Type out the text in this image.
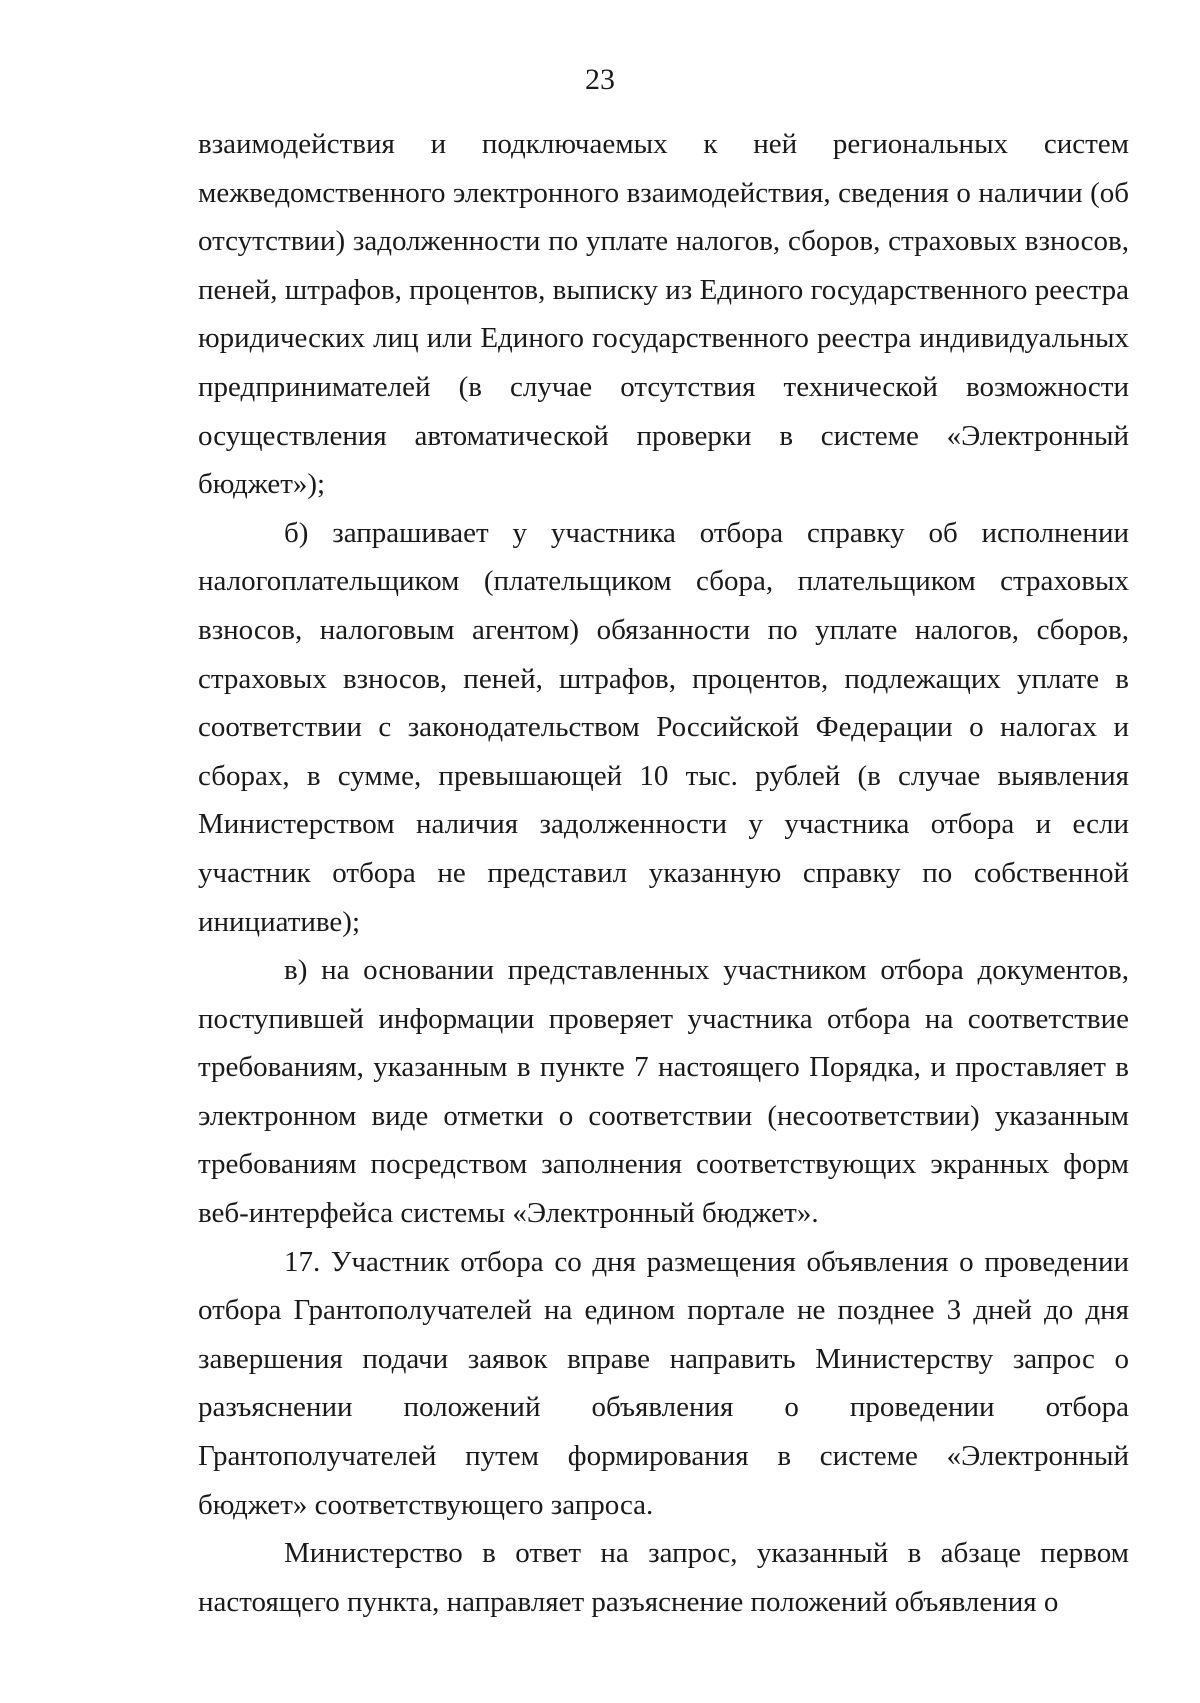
23

взаимодействия и подключаемых к ней региональных систем межведомственного электронного взаимодействия, сведения о наличии (об отсутствии) задолженности по уплате налогов, сборов, страховых взносов, пеней, штрафов, процентов, выписку из Единого государственного реестра юридических лиц или Единого государственного реестра индивидуальных предпринимателей (в случае отсутствия технической возможности осуществления автоматической проверки в системе «Электронный бюджет»);

б) запрашивает у участника отбора справку об исполнении налогоплательщиком (плательщиком сбора, плательщиком страховых взносов, налоговым агентом) обязанности по уплате налогов, сборов, страховых взносов, пеней, штрафов, процентов, подлежащих уплате в соответствии с законодательством Российской Федерации о налогах и сборах, в сумме, превышающей 10 тыс. рублей (в случае выявления Министерством наличия задолженности у участника отбора и если участник отбора не представил указанную справку по собственной инициативе);

в) на основании представленных участником отбора документов, поступившей информации проверяет участника отбора на соответствие требованиям, указанным в пункте 7 настоящего Порядка, и проставляет в электронном виде отметки о соответствии (несоответствии) указанным требованиям посредством заполнения соответствующих экранных форм веб-интерфейса системы «Электронный бюджет».

17. Участник отбора со дня размещения объявления о проведении отбора Грантополучателей на едином портале не позднее 3 дней до дня завершения подачи заявок вправе направить Министерству запрос о разъяснении положений объявления о проведении отбора Грантополучателей путем формирования в системе «Электронный бюджет» соответствующего запроса.

Министерство в ответ на запрос, указанный в абзаце первом настоящего пункта, направляет разъяснение положений объявления о
